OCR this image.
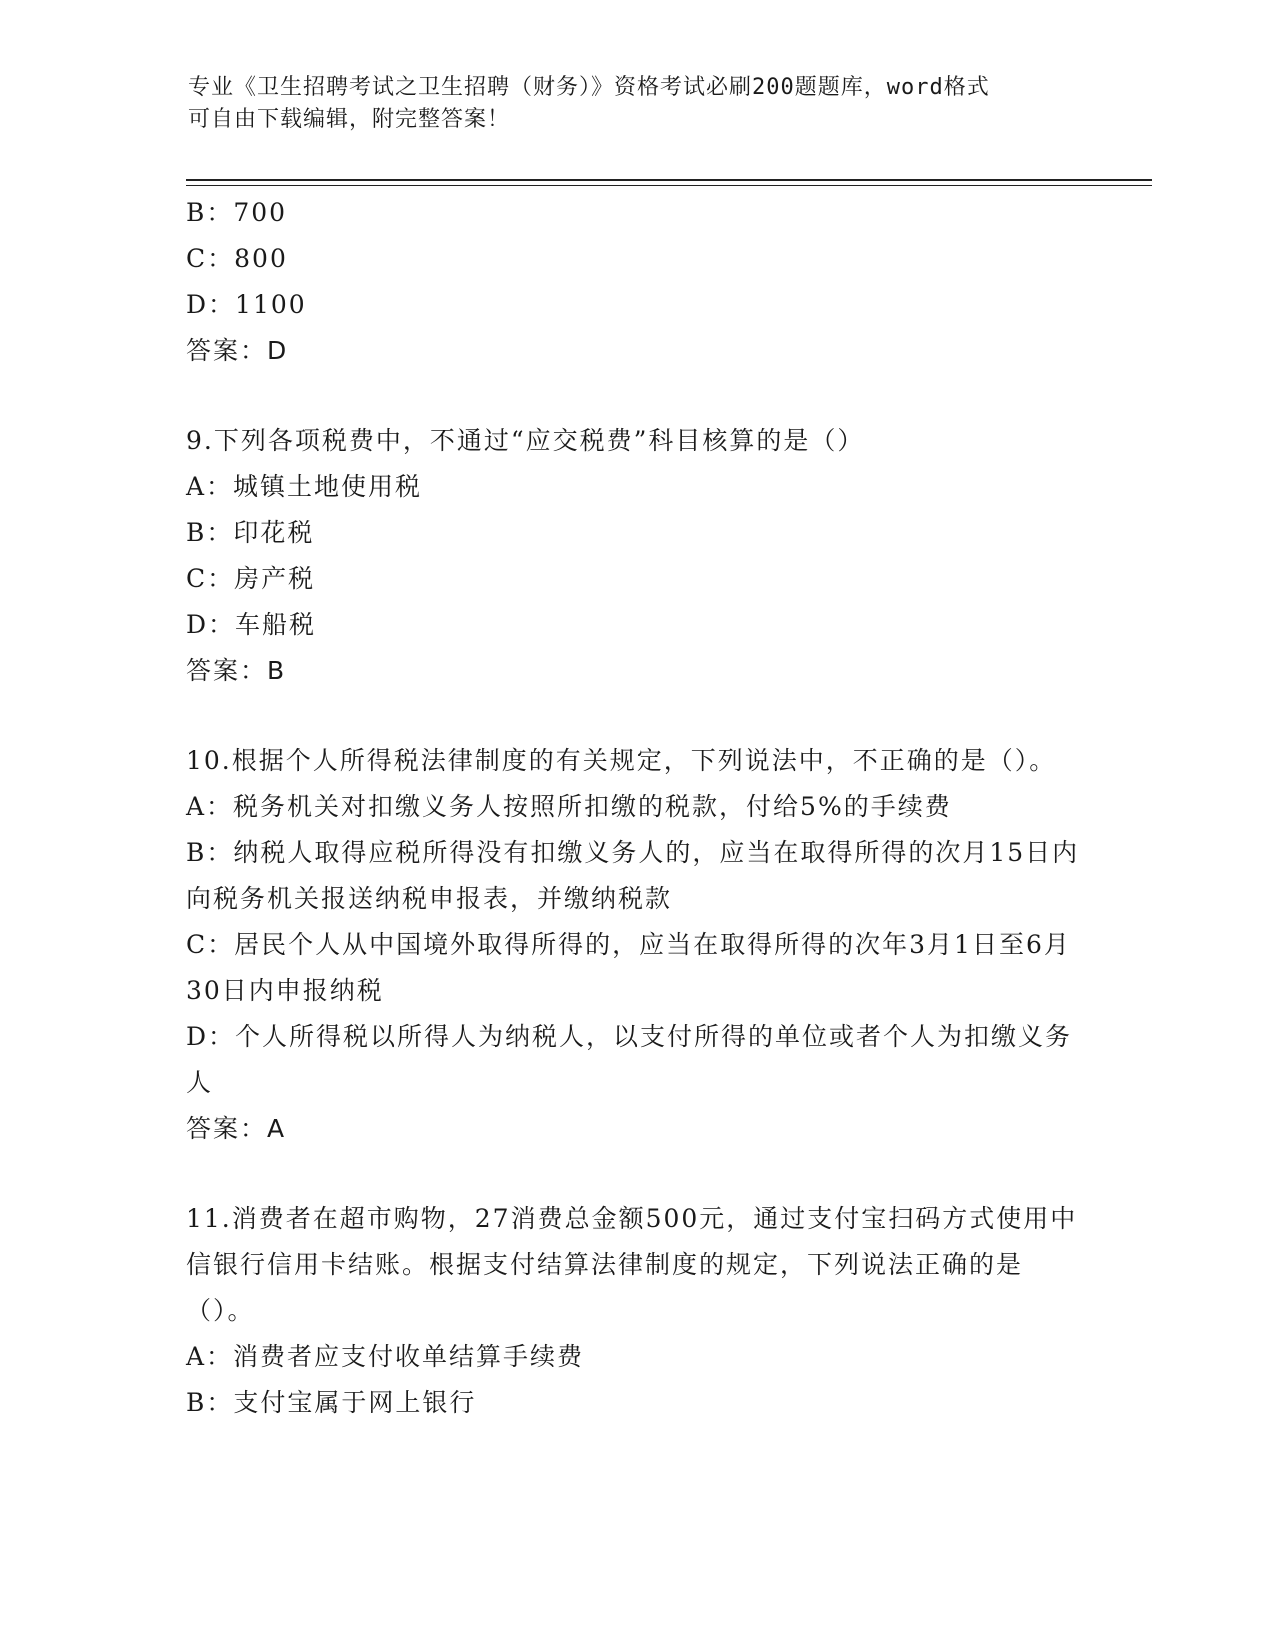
专业《卫生招聘考试之卫生招聘（财务）》资格考试必刷200题题库，word格式
可自由下载编辑，附完整答案！
B：700
C：800
D：1100
答案：D
9.下列各项税费中，不通过“应交税费”科目核算的是（）
A：城镇土地使用税
B：印花税
C：房产税
D：车船税
答案：B
10.根据个人所得税法律制度的有关规定，下列说法中，不正确的是（）。
A：税务机关对扣缴义务人按照所扣缴的税款，付给5%的手续费
B：纳税人取得应税所得没有扣缴义务人的，应当在取得所得的次月15日内向税务机关报送纳税申报表，并缴纳税款
C：居民个人从中国境外取得所得的，应当在取得所得的次年3月1日至6月30日内申报纳税
D：个人所得税以所得人为纳税人，以支付所得的单位或者个人为扣缴义务人
答案：A
11.消费者在超市购物，27消费总金额500元，通过支付宝扫码方式使用中信银行信用卡结账。根据支付结算法律制度的规定，下列说法正确的是（）。
A：消费者应支付收单结算手续费
B：支付宝属于网上银行
